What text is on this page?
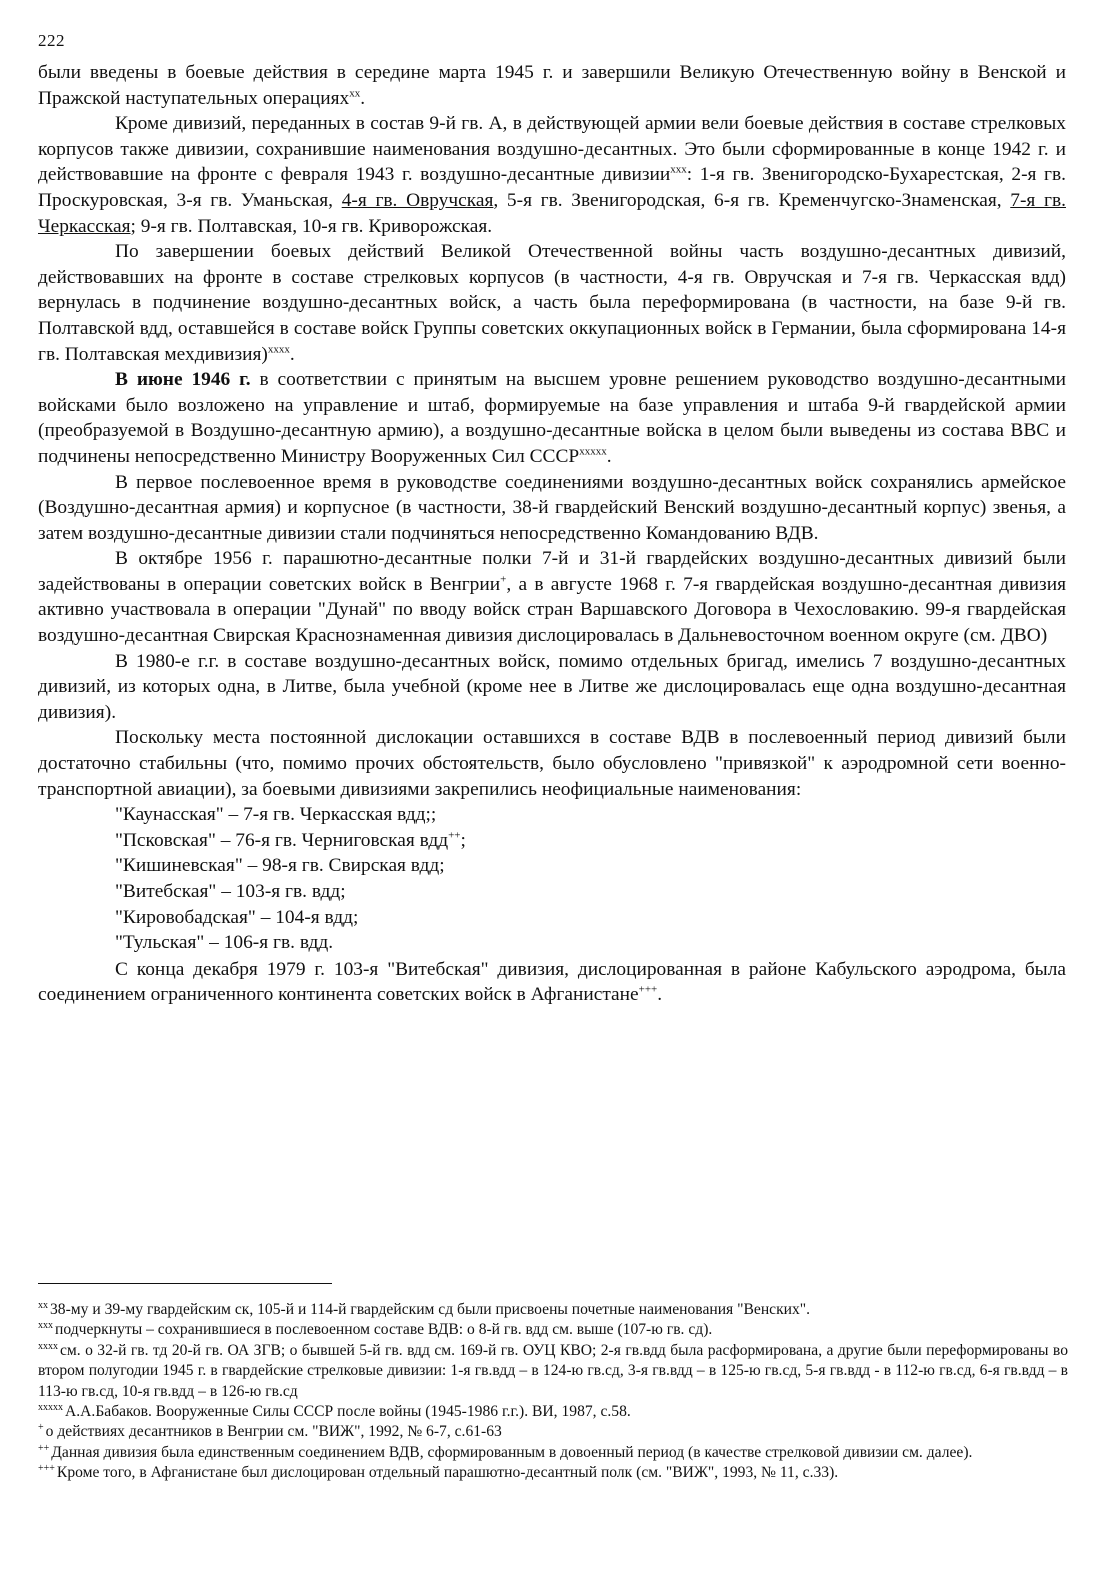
222

были введены в боевые действия в середине марта 1945 г. и завершили Великую Отечественную войну в Венской и Пражской наступательных операциях$^{xx}$.

Кроме дивизий, переданных в состав 9-й гв. А, в действующей армии вели боевые действия в составе стрелковых корпусов также дивизии, сохранившие наименования воздушно-десантных. Это были сформированные в конце 1942 г. и действовавшие на фронте с февраля 1943 г. воздушно-десантные дивизии$^{xxx}$: 1-я гв. Звенигородско-Бухарестская, 2-я гв. Проскуровская, 3-я гв. Уманьская, 4-я гв. Овручская, 5-я гв. Звенигородская, 6-я гв. Кременчугско-Знаменская, 7-я гв. Черкасская; 9-я гв. Полтавская, 10-я гв. Криворожская.

По завершении боевых действий Великой Отечественной войны часть воздушно-десантных дивизий, действовавших на фронте в составе стрелковых корпусов (в частности, 4-я гв. Овручская и 7-я гв. Черкасская вдд) вернулась в подчинение воздушно-десантных войск, а часть была переформирована (в частности, на базе 9-й гв. Полтавской вдд, оставшейся в составе войск Группы советских оккупационных войск в Германии, была сформирована 14-я гв. Полтавская мехдивизия)$^{xxxx}$.

В июне 1946 г. в соответствии с принятым на высшем уровне решением руководство воздушно-десантными войсками было возложено на управление и штаб, формируемые на базе управления и штаба 9-й гвардейской армии (преобразуемой в Воздушно-десантную армию), а воздушно-десантные войска в целом были выведены из состава ВВС и подчинены непосредственно Министру Вооруженных Сил $СССР^{xxxxx}$.

В первое послевоенное время в руководстве соединениями воздушно-десантных войск сохранялись армейское (Воздушно-десантная армия) и корпусное (в частности, 38-й гвардейский Венский воздушно-десантный корпус) звенья, а затем воздушно-десантные дивизии стали подчиняться непосредственно Командованию ВДВ.

В октябре 1956 г. парашютно-десантные полки 7-й и 31-й гвардейских воздушно-десантных дивизий были задействованы в операции советских войск в Венгрии+, а в августе 1968 г. 7-я гвардейская воздушно-десантная дивизия активно участвовала в операции "Дунай" по вводу войск стран Варшавского Договора в Чехословакию. 99-я гвардейская воздушно-десантная Свирская Краснознаменная дивизия дислоцировалась в Дальневосточном военном округе (см. ДВО)

В 1980-е г.г. в составе воздушно-десантных войск, помимо отдельных бригад, имелись 7 воздушно-десантных дивизий, из которых одна, в Литве, была учебной (кроме нее в Литве же дислоцировалась еще одна воздушно-десантная дивизия).

Поскольку места постоянной дислокации оставшихся в составе ВДВ в послевоенный период дивизий были достаточно стабильны (что, помимо прочих обстоятельств, было обусловлено "привязкой" к аэродромной сети военно-транспортной авиации), за боевыми дивизиями закрепились неофициальные наименования:

"Каунасская" – 7-я гв. Черкасская вдд;;
"Псковская" – 76-я гв. Черниговская вдд++;
"Кишиневская" – 98-я гв. Свирская вдд;
"Витебская" – 103-я гв. вдд;
"Кировобадская" – 104-я вдд;
"Тульская" – 106-я гв. вдд.

С конца декабря 1979 г. 103-я "Витебская" дивизия, дислоцированная в районе Кабульского аэродрома, была соединением ограниченного континента советских войск в Афганистане+++.

$^{xx}$ 38-му и 39-му гвардейским ск, 105-й и 114-й гвардейским сд были присвоены почетные наименования "Венских".

$^{xxx}$ подчеркнуты – сохранившиеся в послевоенном составе ВДВ: о 8-й гв. вдд см. выше (107-ю гв. сд).

$^{xxxx}$ см. о 32-й гв. тд 20-й гв. ОА ЗГВ; о бывшей 5-й гв. вдд см. 169-й гв. ОУЦ КВО; 2-я гв.вдд была расформирована, а другие были переформированы во втором полугодии 1945 г. в гвардейские стрелковые дивизии: 1-я гв.вдд – в 124-ю гв.сд, 3-я гв.вдд – в 125-ю гв.сд, 5-я гв.вдд - в 112-ю гв.сд, 6-я гв.вдд – в 113-ю гв.сд, 10-я гв.вдд – в 126-ю гв.сд

$^{xxxxx}$ А.А.Бабаков. Вооруженные Силы СССР после войны (1945-1986 г.г.). ВИ, 1987, с.58.

+ о действиях десантников в Венгрии см. "ВИЖ", 1992, № 6-7, с.61-63

++ Данная дивизия была единственным соединением ВДВ, сформированным в довоенный период (в качестве стрелковой дивизии см. далее).

+++ Кроме того, в Афганистане был дислоцирован отдельный парашютно-десантный полк (см. "ВИЖ", 1993, № 11, с.33).
